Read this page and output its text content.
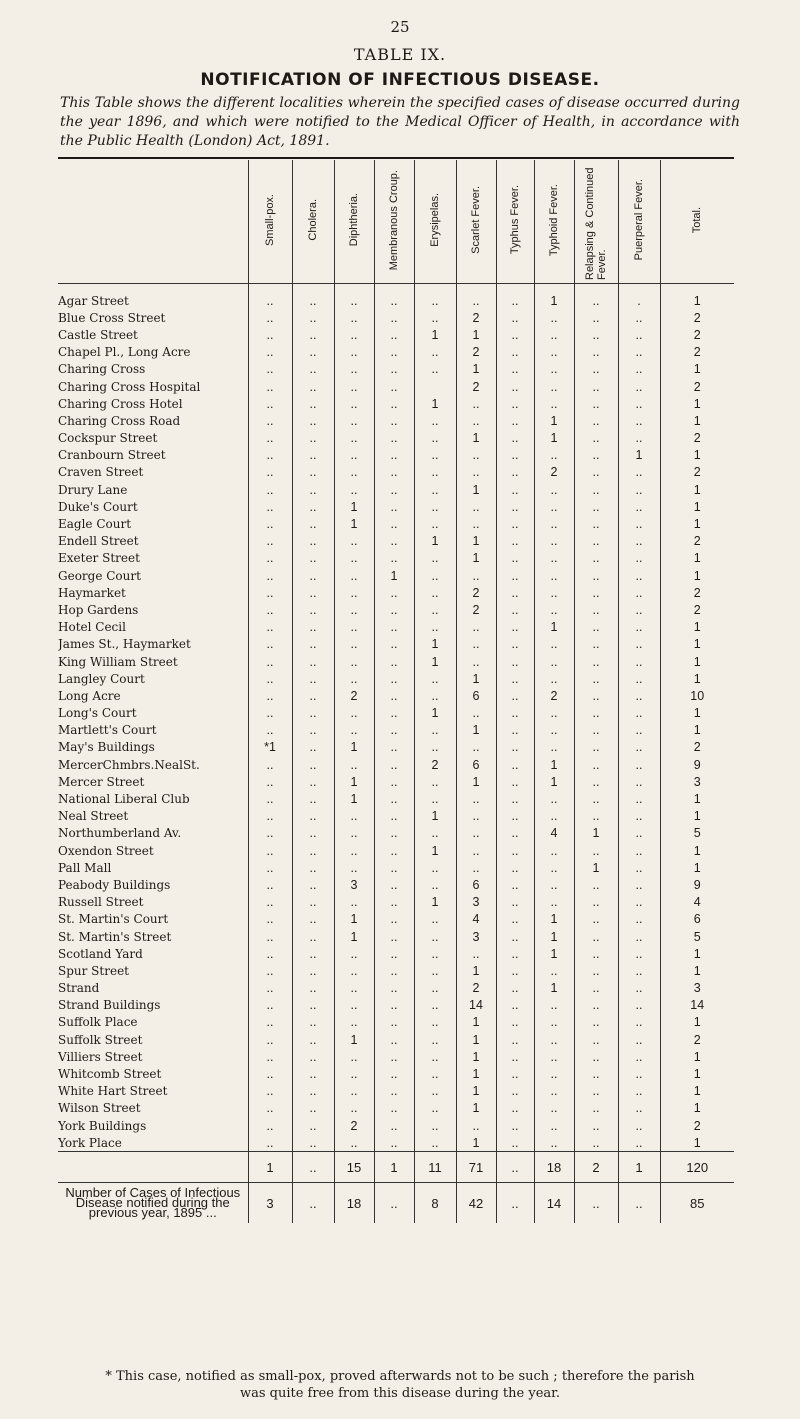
25
TABLE IX.
NOTIFICATION OF INFECTIOUS DISEASE.
This Table shows the different localities wherein the specified cases of disease occurred during the year 1896, and which were notified to the Medical Officer of Health, in accordance with the Public Health (London) Act, 1891.
	Small-pox.	Cholera.	Diphtheria.	Membranous Croup.	Erysipelas.	Scarlet Fever.	Typhus Fever.	Typhoid Fever.	Relapsing & Continued Fever.	Puerperal Fever.	Total.
Agar Street	..	..	..	..	..	..	..	1	..	.	1
Blue Cross Street	..	..	..	..	..	2	..	..	..	..	2
Castle Street	..	..	..	..	1	1	..	..	..	..	2
Chapel Pl., Long Acre	..	..	..	..	..	2	..	..	..	..	2
Charing Cross	..	..	..	..	..	1	..	..	..	..	1
Charing Cross Hospital	..	..	..	..		2	..	..	..	..	2
Charing Cross Hotel	..	..	..	..	1	..	..	..	..	..	1
Charing Cross Road	..	..	..	..	..	..	..	1	..	..	1
Cockspur Street	..	..	..	..	..	1	..	1	..	..	2
Cranbourn Street	..	..	..	..	..	..	..	..	..	1	1
Craven Street	..	..	..	..	..	..	..	2	..	..	2
Drury Lane	..	..	..	..	..	1	..	..	..	..	1
Duke's Court	..	..	1	..	..	..	..	..	..	..	1
Eagle Court	..	..	1	..	..	..	..	..	..	..	1
Endell Street	..	..	..	..	1	1	..	..	..	..	2
Exeter Street	..	..	..	..	..	1	..	..	..	..	1
George Court	..	..	..	1	..	..	..	..	..	..	1
Haymarket	..	..	..	..	..	2	..	..	..	..	2
Hop Gardens	..	..	..	..	..	2	..	..	..	..	2
Hotel Cecil	..	..	..	..	..	..	..	1	..	..	1
James St., Haymarket	..	..	..	..	1	..	..	..	..	..	1
King William Street	..	..	..	..	1	..	..	..	..	..	1
Langley Court	..	..	..	..	..	1	..	..	..	..	1
Long Acre	..	..	2	..	..	6	..	2	..	..	10
Long's Court	..	..	..	..	1	..	..	..	..	..	1
Martlett's Court	..	..	..	..	..	1	..	..	..	..	1
May's Buildings	*1	..	1	..	..	..	..	..	..	..	2
MercerChmbrs.NealSt.	..	..	..	..	2	6	..	1	..	..	9
Mercer Street	..	..	1	..	..	1	..	1	..	..	3
National Liberal Club	..	..	1	..	..	..	..	..	..	..	1
Neal Street	..	..	..	..	1	..	..	..	..	..	1
Northumberland Av.	..	..	..	..	..	..	..	4	1	..	5
Oxendon Street	..	..	..	..	1	..	..	..	..	..	1
Pall Mall	..	..	..	..	..	..	..	..	1	..	1
Peabody Buildings	..	..	3	..	..	6	..	..	..	..	9
Russell Street	..	..	..	..	1	3	..	..	..	..	4
St. Martin's Court	..	..	1	..	..	4	..	1	..	..	6
St. Martin's Street	..	..	1	..	..	3	..	1	..	..	5
Scotland Yard	..	..	..	..	..	..	..	1	..	..	1
Spur Street	..	..	..	..	..	1	..	..	..	..	1
Strand	..	..	..	..	..	2	..	1	..	..	3
Strand Buildings	..	..	..	..	..	14	..	..	..	..	14
Suffolk Place	..	..	..	..	..	1	..	..	..	..	1
Suffolk Street	..	..	1	..	..	1	..	..	..	..	2
Villiers Street	..	..	..	..	..	1	..	..	..	..	1
Whitcomb Street	..	..	..	..	..	1	..	..	..	..	1
White Hart Street	..	..	..	..	..	1	..	..	..	..	1
Wilson Street	..	..	..	..	..	1	..	..	..	..	1
York Buildings	..	..	2	..	..	..	..	..	..	..	2
York Place	..	..	..	..	..	1	..	..	..	..	1
	1	..	15	1	11	71	..	18	2	1	120
Number of Cases of Infectious Disease notified during the previous year, 1895 ...	3	..	18	..	8	42	..	14	..	..	85
* This case, notified as small-pox, proved afterwards not to be such ; therefore the parish was quite free from this disease during the year.
